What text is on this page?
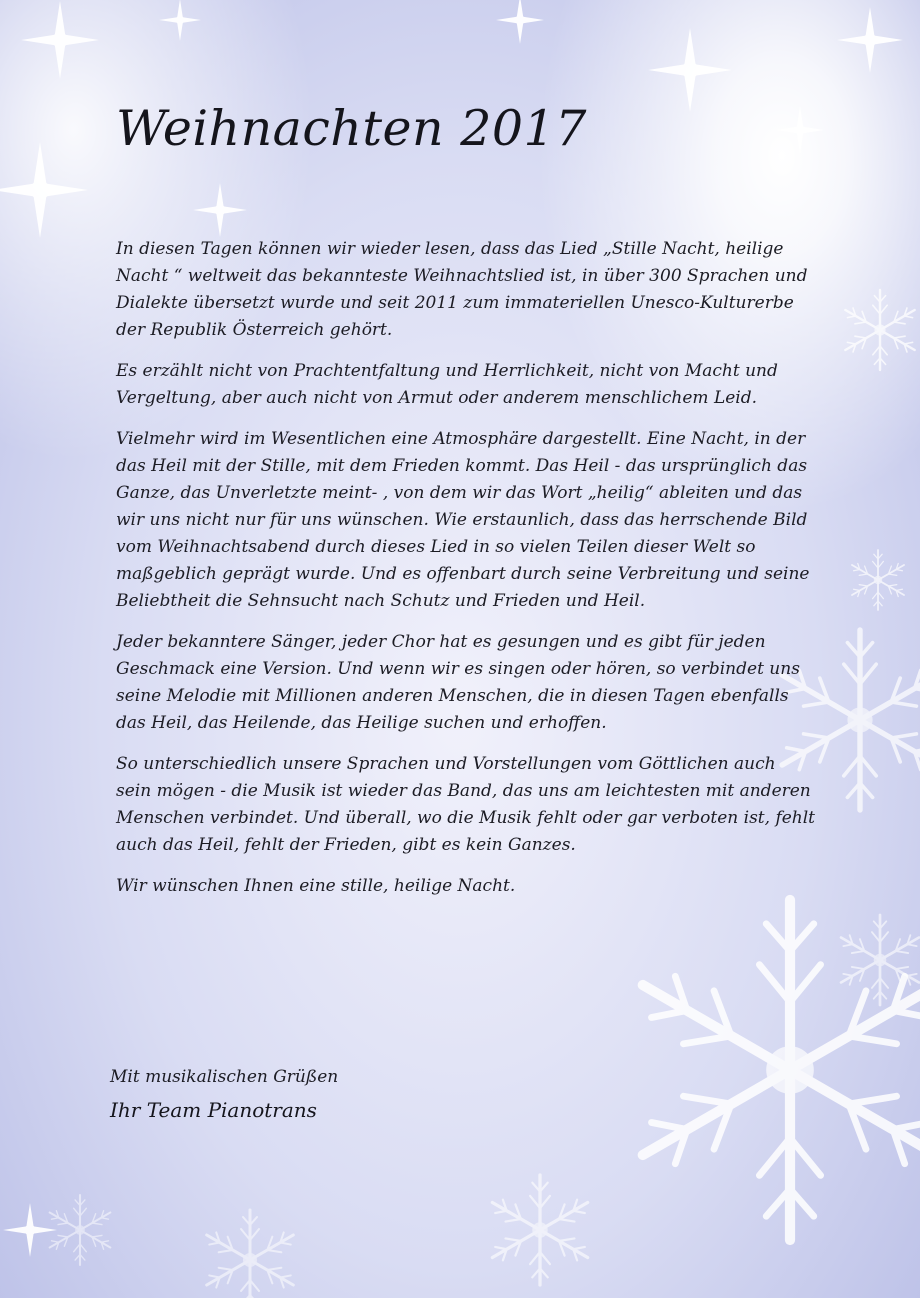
Weihnachten 2017

In diesen Tagen können wir wieder lesen, dass das Lied „Stille Nacht, heilige Nacht “ weltweit das bekannteste Weihnachtslied ist, in über 300 Sprachen und Dialekte übersetzt wurde und seit 2011 zum immateriellen Unesco-Kulturerbe der Republik Österreich gehört.

Es erzählt nicht von Prachtentfaltung und Herrlichkeit, nicht von Macht und Vergeltung, aber auch nicht von Armut oder anderem menschlichem Leid.

Vielmehr wird im Wesentlichen eine Atmosphäre dargestellt. Eine Nacht, in der das Heil mit der Stille, mit dem Frieden kommt. Das Heil - das ursprünglich das Ganze, das Unverletzte meint- , von dem wir das Wort „heilig“ ableiten und das wir uns nicht nur für uns wünschen. Wie erstaunlich, dass das herrschende Bild vom Weihnachtsabend durch dieses Lied in so vielen Teilen dieser Welt so maßgeblich geprägt wurde. Und es offenbart durch seine Verbreitung und seine Beliebtheit die Sehnsucht nach Schutz und Frieden und Heil.

Jeder bekanntere Sänger, jeder Chor hat es gesungen und es gibt für jeden Geschmack eine Version. Und wenn wir es singen oder hören, so verbindet uns seine Melodie mit Millionen anderen Menschen, die in diesen Tagen ebenfalls das Heil, das Heilende, das Heilige suchen und erhoffen.

So unterschiedlich unsere Sprachen und Vorstellungen vom Göttlichen auch sein mögen - die Musik ist wieder das Band, das uns am leichtesten mit anderen Menschen verbindet. Und überall, wo die Musik fehlt oder gar verboten ist, fehlt auch das Heil, fehlt der Frieden, gibt es kein Ganzes.

Wir wünschen Ihnen eine stille, heilige Nacht.

Mit musikalischen Grüßen

Ihr Team Pianotrans
